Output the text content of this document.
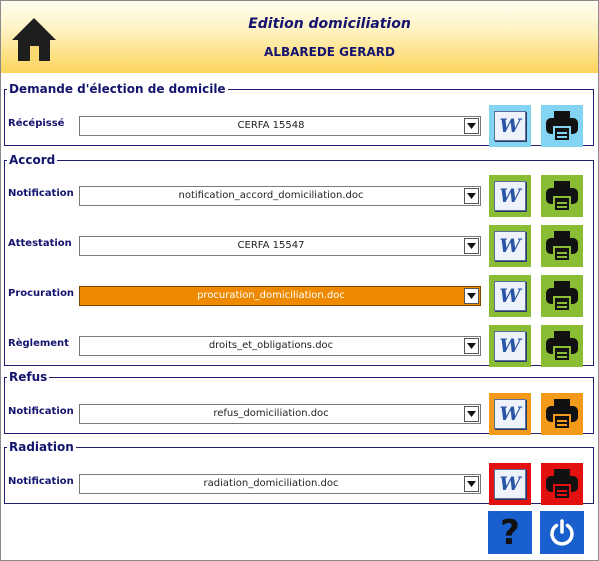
Edition domiciliation
ALBAREDE GERARD
Demande d'élection de domicile
Récépissé	CERFA 15548	W
Accord
Notification	notification_accord_domiciliation.doc	W
Attestation	CERFA 15547	W
Procuration	procuration_domiciliation.doc	W
Règlement	droits_et_obligations.doc	W
Refus
Notification	refus_domiciliation.doc	W
Radiation
Notification	radiation_domiciliation.doc	W
?
